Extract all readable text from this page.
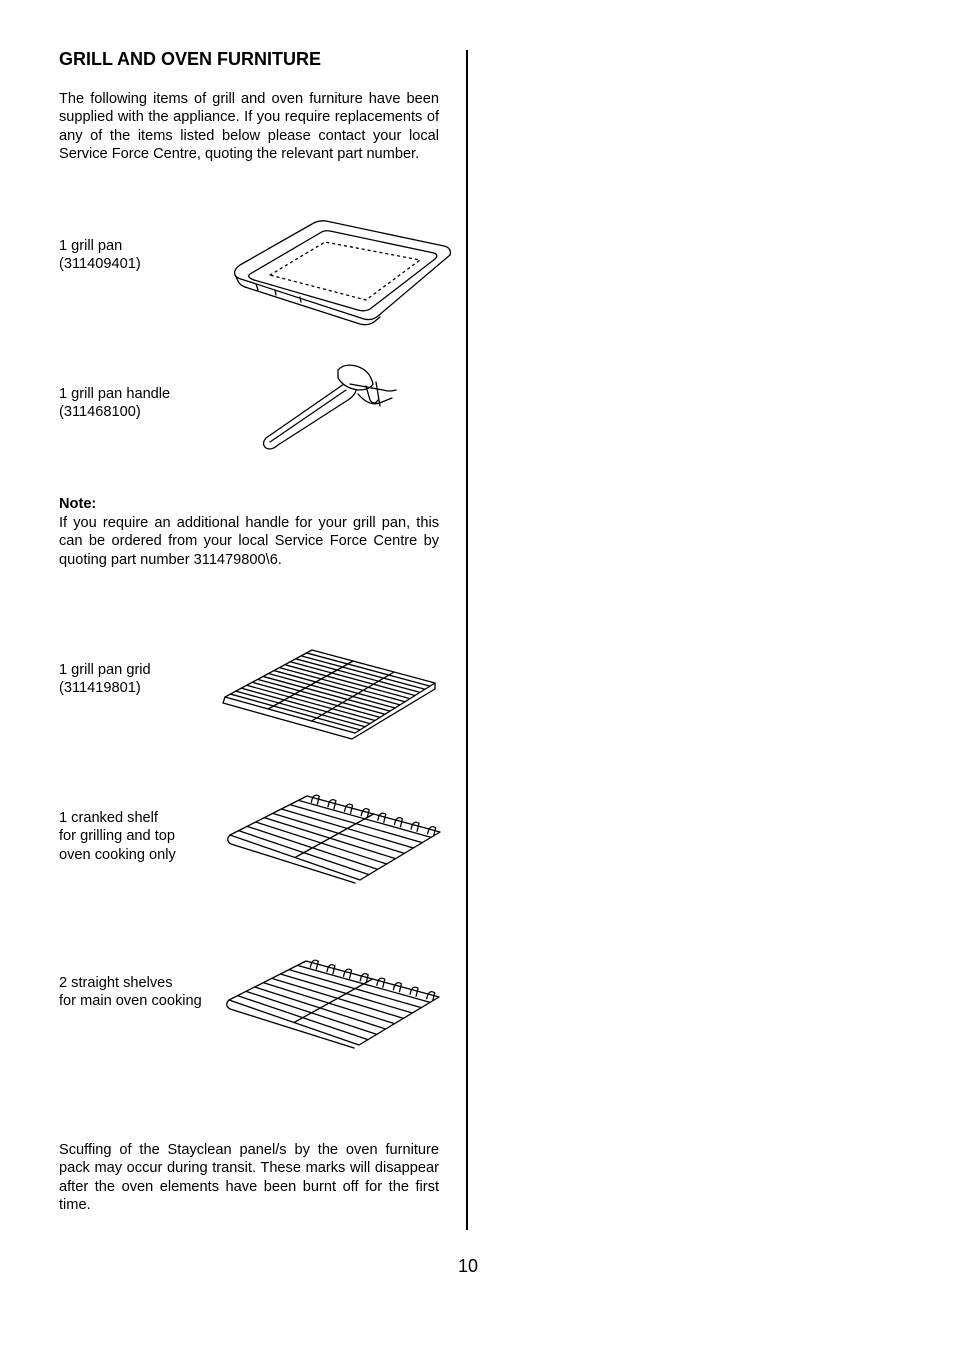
GRILL AND OVEN FURNITURE
The following items of grill and oven furniture have been supplied with the appliance. If you require replacements of any of the items listed below please contact your local Service Force Centre, quoting the relevant part number.
1 grill pan
(311409401)
1 grill pan handle
(311468100)
Note:
If you require an additional handle for your grill pan, this can be ordered from your local Service Force Centre by quoting part number 311479800\6.
1 grill pan grid
(311419801)
1 cranked shelf
for grilling and top
oven cooking only
2 straight shelves
for main oven cooking
Scuffing of the Stayclean panel/s by the oven furniture pack may occur during transit. These marks will disappear after the oven elements have been burnt off for the first time.
10
